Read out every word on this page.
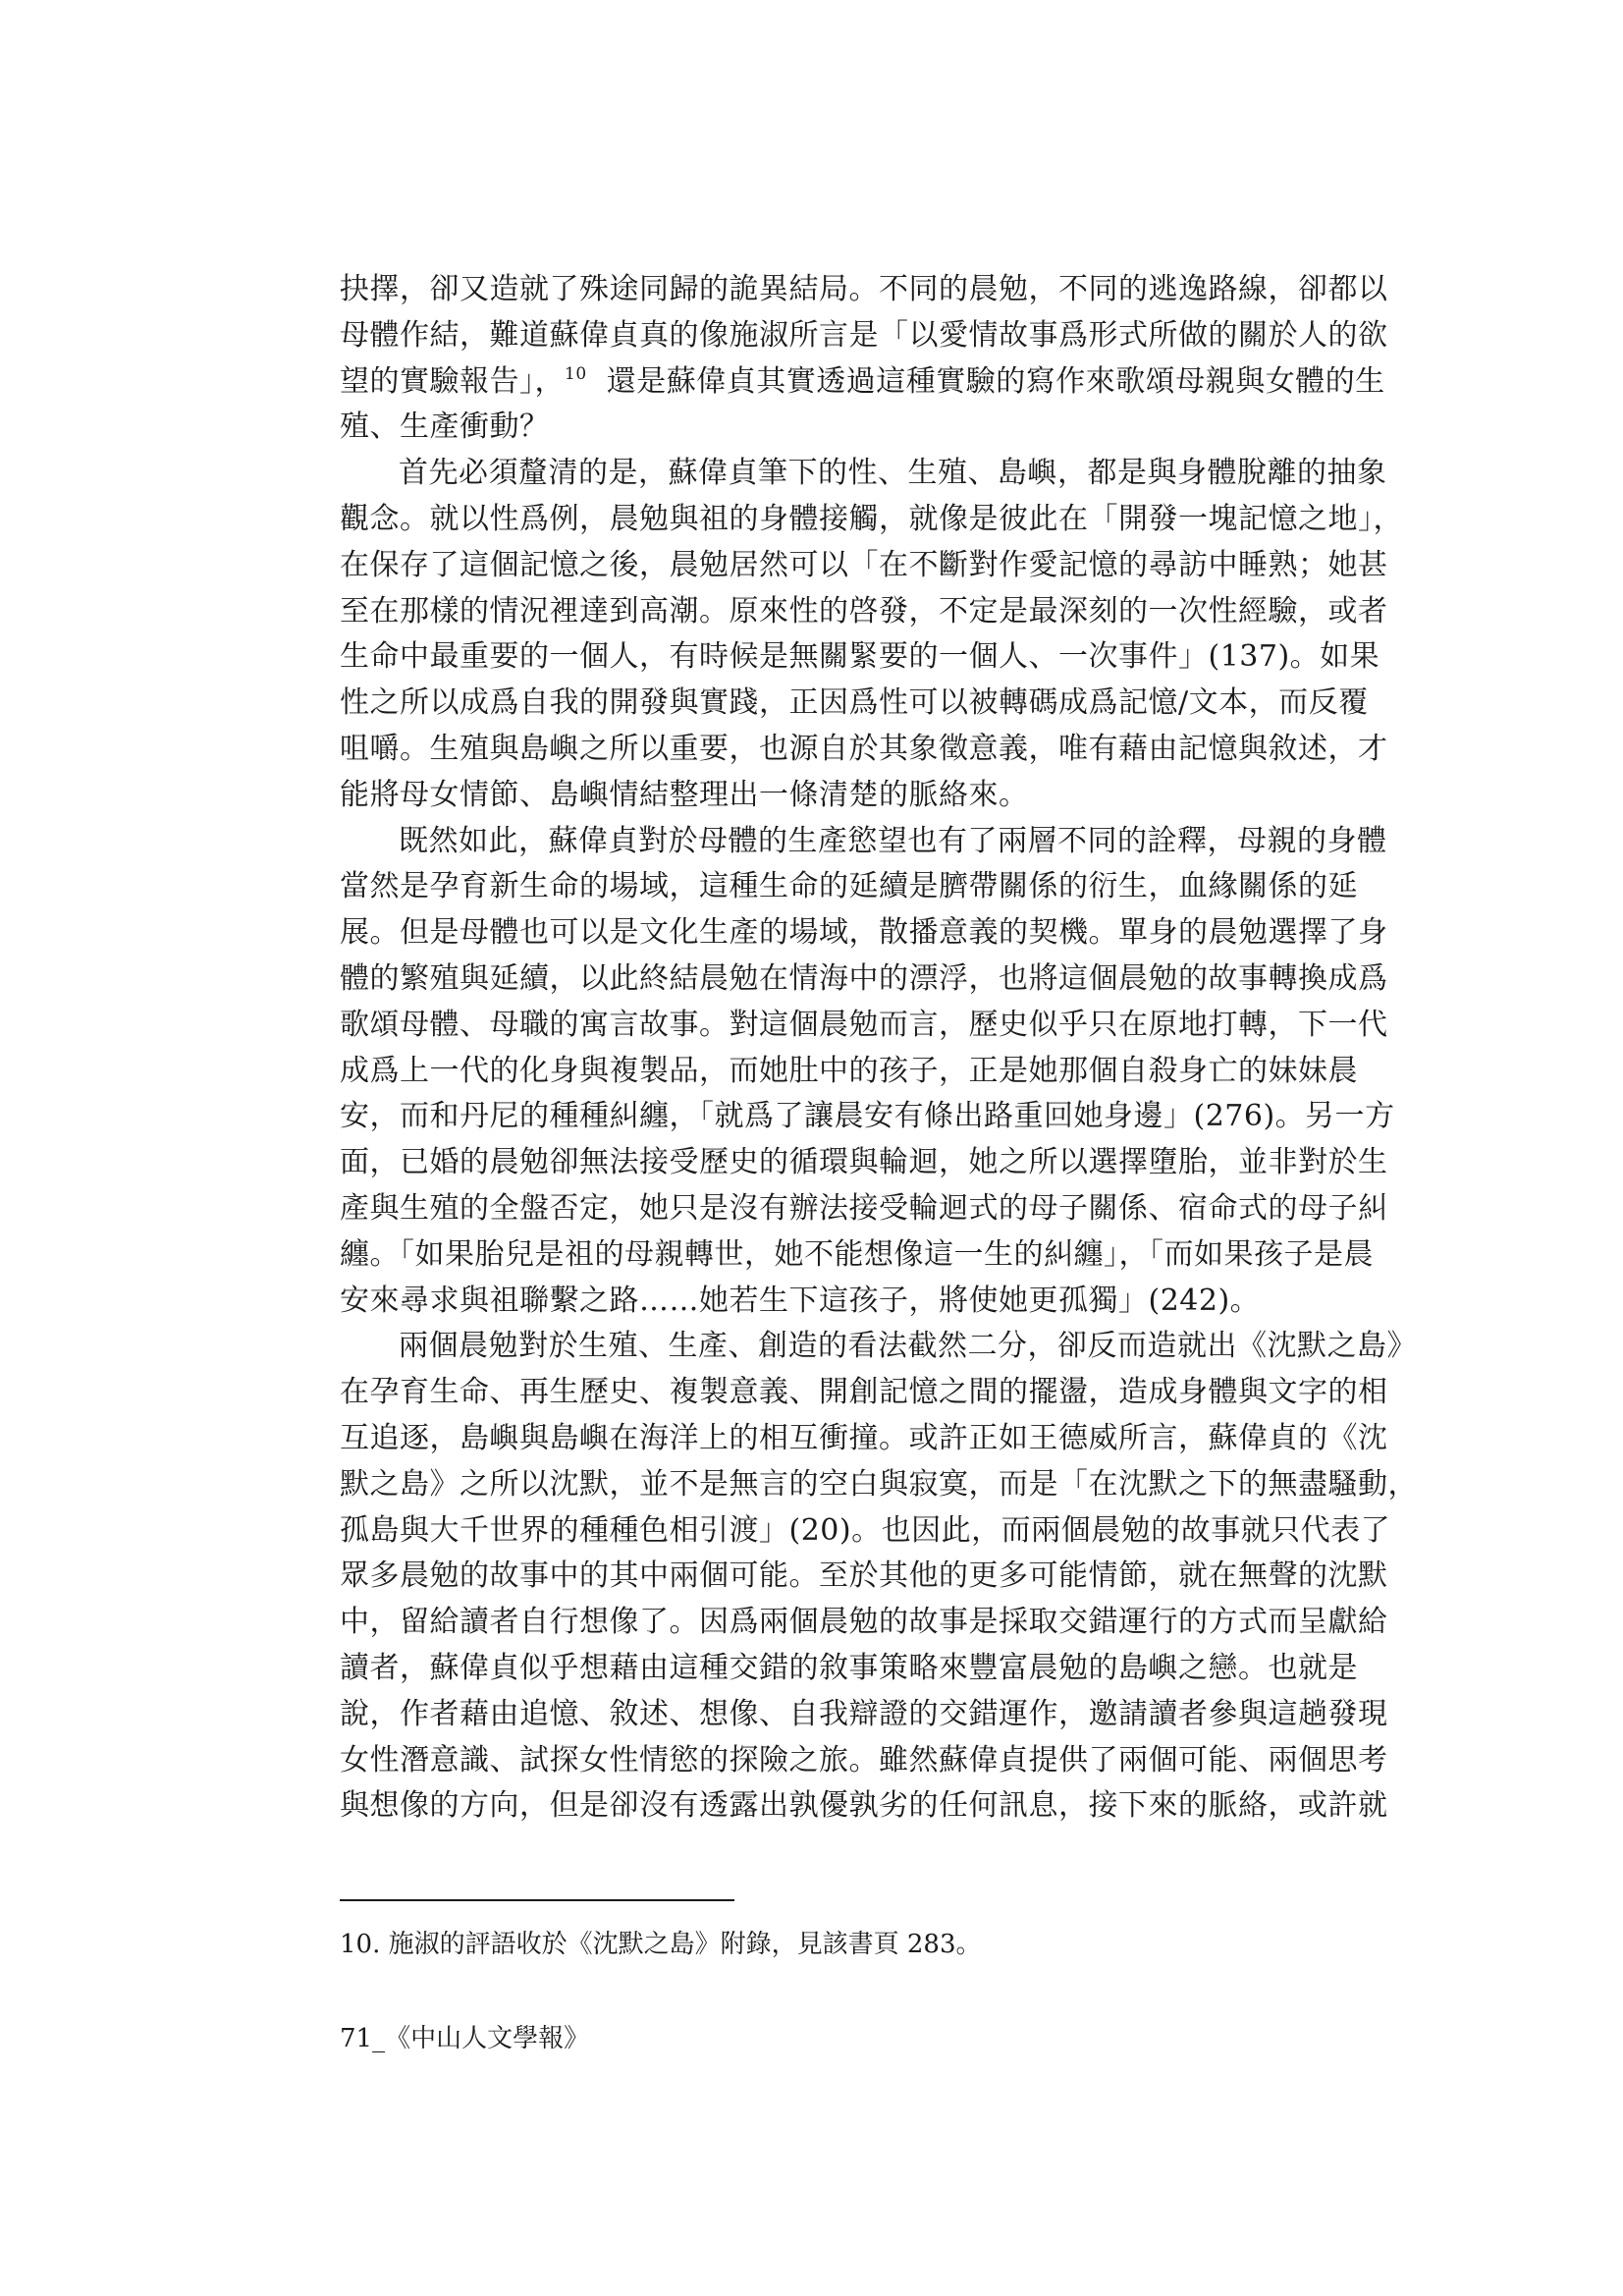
抉擇，卻又造就了殊途同歸的詭異結局。不同的晨勉，不同的逃逸路線，卻都以
母體作結，難道蘇偉貞真的像施淑所言是「以愛情故事爲形式所做的關於人的欲
望的實驗報告」，$^{10}$ 還是蘇偉貞其實透過這種實驗的寫作來歌頌母親與女體的生
殖、生產衝動？
首先必須釐清的是，蘇偉貞筆下的性、生殖、島嶼，都是與身體脫離的抽象
觀念。就以性爲例，晨勉與祖的身體接觸，就像是彼此在「開發一塊記憶之地」，
在保存了這個記憶之後，晨勉居然可以「在不斷對作愛記憶的尋訪中睡熟；她甚
至在那樣的情況裡達到高潮。原來性的啓發，不定是最深刻的一次性經驗，或者
生命中最重要的一個人，有時候是無關緊要的一個人、一次事件」(137)。如果
性之所以成爲自我的開發與實踐，正因爲性可以被轉碼成爲記憶/文本，而反覆
咀嚼。生殖與島嶼之所以重要，也源自於其象徵意義，唯有藉由記憶與敘述，才
能將母女情節、島嶼情結整理出一條清楚的脈絡來。
既然如此，蘇偉貞對於母體的生產慾望也有了兩層不同的詮釋，母親的身體
當然是孕育新生命的場域，這種生命的延續是臍帶關係的衍生，血緣關係的延
展。但是母體也可以是文化生產的場域，散播意義的契機。單身的晨勉選擇了身
體的繁殖與延續，以此終結晨勉在情海中的漂浮，也將這個晨勉的故事轉換成爲
歌頌母體、母職的寓言故事。對這個晨勉而言，歷史似乎只在原地打轉，下一代
成爲上一代的化身與複製品，而她肚中的孩子，正是她那個自殺身亡的妹妹晨
安，而和丹尼的種種糾纏，「就爲了讓晨安有條出路重回她身邊」(276)。另一方
面，已婚的晨勉卻無法接受歷史的循環與輪迴，她之所以選擇墮胎，並非對於生
產與生殖的全盤否定，她只是沒有辦法接受輪迴式的母子關係、宿命式的母子糾
纏。「如果胎兒是祖的母親轉世，她不能想像這一生的糾纏」，「而如果孩子是晨
安來尋求與祖聯繫之路……她若生下這孩子，將使她更孤獨」(242)。
兩個晨勉對於生殖、生產、創造的看法截然二分，卻反而造就出《沈默之島》
在孕育生命、再生歷史、複製意義、開創記憶之間的擺盪，造成身體與文字的相
互追逐，島嶼與島嶼在海洋上的相互衝撞。或許正如王德威所言，蘇偉貞的《沈
默之島》之所以沈默，並不是無言的空白與寂寞，而是「在沈默之下的無盡騷動，
孤島與大千世界的種種色相引渡」(20)。也因此，而兩個晨勉的故事就只代表了
眾多晨勉的故事中的其中兩個可能。至於其他的更多可能情節，就在無聲的沈默
中，留給讀者自行想像了。因爲兩個晨勉的故事是採取交錯運行的方式而呈獻給
讀者，蘇偉貞似乎想藉由這種交錯的敘事策略來豐富晨勉的島嶼之戀。也就是
說，作者藉由追憶、敘述、想像、自我辯證的交錯運作，邀請讀者參與這趟發現
女性潛意識、試探女性情慾的探險之旅。雖然蘇偉貞提供了兩個可能、兩個思考
與想像的方向，但是卻沒有透露出孰優孰劣的任何訊息，接下來的脈絡，或許就
10. 施淑的評語收於《沈默之島》附錄，見該書頁 283。
71_《中山人文學報》
